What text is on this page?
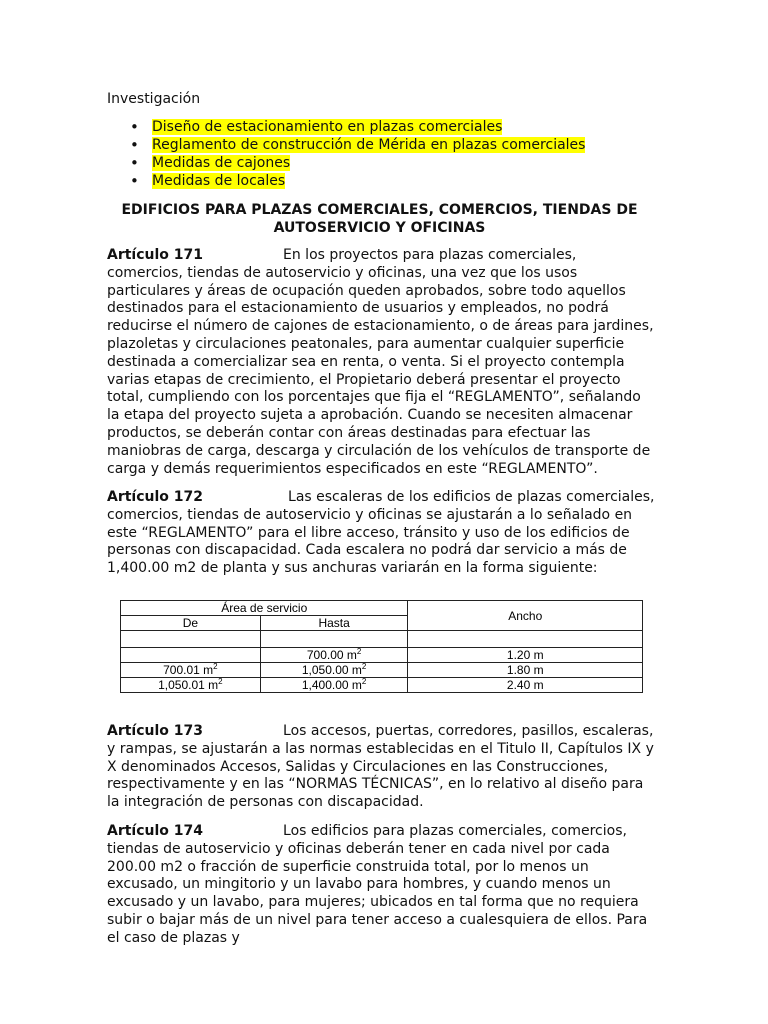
Investigación
• Diseño de estacionamiento en plazas comerciales
• Reglamento de construcción de Mérida en plazas comerciales
• Medidas de cajones
• Medidas de locales
EDIFICIOS PARA PLAZAS COMERCIALES, COMERCIOS, TIENDAS DE AUTOSERVICIO Y OFICINAS
Artículo 171	En los proyectos para plazas comerciales, comercios, tiendas de autoservicio y oficinas, una vez que los usos particulares y áreas de ocupación queden aprobados, sobre todo aquellos destinados para el estacionamiento de usuarios y empleados, no podrá reducirse el número de cajones de estacionamiento, o de áreas para jardines, plazoletas y circulaciones peatonales, para aumentar cualquier superficie destinada a comercializar sea en renta, o venta. Si el proyecto contempla varias etapas de crecimiento, el Propietario deberá presentar el proyecto total, cumpliendo con los porcentajes que fija el “REGLAMENTO”, señalando la etapa del proyecto sujeta a aprobación. Cuando se necesiten almacenar productos, se deberán contar con áreas destinadas para efectuar las maniobras de carga, descarga y circulación de los vehículos de transporte de carga y demás requerimientos especificados en este “REGLAMENTO”.
Artículo 172	Las escaleras de los edificios de plazas comerciales, comercios, tiendas de autoservicio y oficinas se ajustarán a lo señalado en este “REGLAMENTO” para el libre acceso, tránsito y uso de los edificios de personas con discapacidad. Cada escalera no podrá dar servicio a más de 1,400.00 m2 de planta y sus anchuras variarán en la forma siguiente:
Área de servicio		Ancho
De	Hasta	

	700.00 $m^2$	1.20 m
700.01 $m^2$	1,050.00 $m^2$	1.80 m
1,050.01 $m^2$	1,400.00 $m^2$	2.40 m
Artículo 173	Los accesos, puertas, corredores, pasillos, escaleras, y rampas, se ajustarán a las normas establecidas en el Titulo II, Capítulos IX y X denominados Accesos, Salidas y Circulaciones en las Construcciones, respectivamente y en las “NORMAS TÉCNICAS”, en lo relativo al diseño para la integración de personas con discapacidad.
Artículo 174	Los edificios para plazas comerciales, comercios, tiendas de autoservicio y oficinas deberán tener en cada nivel por cada 200.00 m2 o fracción de superficie construida total, por lo menos un excusado, un mingitorio y un lavabo para hombres, y cuando menos un excusado y un lavabo, para mujeres; ubicados en tal forma que no requiera subir o bajar más de un nivel para tener acceso a cualesquiera de ellos. Para el caso de plazas y
